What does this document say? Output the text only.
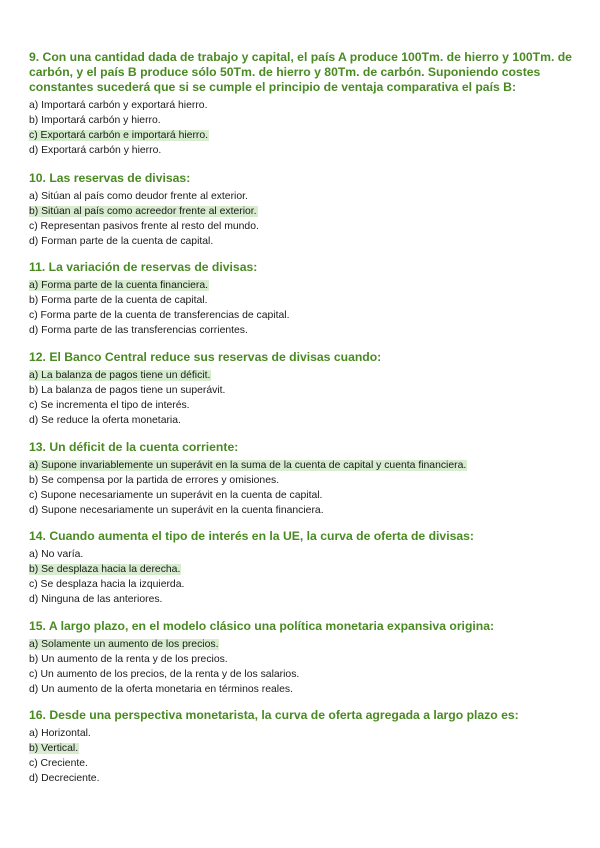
9. Con una cantidad dada de trabajo y capital, el país A produce 100Tm. de hierro y 100Tm. de carbón, y el país B produce sólo 50Tm. de hierro y 80Tm. de carbón. Suponiendo costes constantes sucederá que si se cumple el principio de ventaja comparativa el país B:

a) Importará carbón y exportará hierro.
b) Importará carbón y hierro.
c) Exportará carbón e importará hierro.
d) Exportará carbón y hierro.

10. Las reservas de divisas:

a) Sitúan al país como deudor frente al exterior.
b) Sitúan al país como acreedor frente al exterior.
c) Representan pasivos frente al resto del mundo.
d) Forman parte de la cuenta de capital.

11. La variación de reservas de divisas:

a) Forma parte de la cuenta financiera.
b) Forma parte de la cuenta de capital.
c) Forma parte de la cuenta de transferencias de capital.
d) Forma parte de las transferencias corrientes.

12. El Banco Central reduce sus reservas de divisas cuando:

a) La balanza de pagos tiene un déficit.
b) La balanza de pagos tiene un superávit.
c) Se incrementa el tipo de interés.
d) Se reduce la oferta monetaria.

13. Un déficit de la cuenta corriente:

a) Supone invariablemente un superávit en la suma de la cuenta de capital y cuenta financiera.
b) Se compensa por la partida de errores y omisiones.
c) Supone necesariamente un superávit en la cuenta de capital.
d) Supone necesariamente un superávit en la cuenta financiera.

14. Cuando aumenta el tipo de interés en la UE, la curva de oferta de divisas:

a) No varía.
b) Se desplaza hacia la derecha.
c) Se desplaza hacia la izquierda.
d) Ninguna de las anteriores.

15. A largo plazo, en el modelo clásico una política monetaria expansiva origina:

a) Solamente un aumento de los precios.
b) Un aumento de la renta y de los precios.
c) Un aumento de los precios, de la renta y de los salarios.
d) Un aumento de la oferta monetaria en términos reales.

16. Desde una perspectiva monetarista, la curva de oferta agregada a largo plazo es:

a) Horizontal.
b) Vertical.
c) Creciente.
d) Decreciente.
